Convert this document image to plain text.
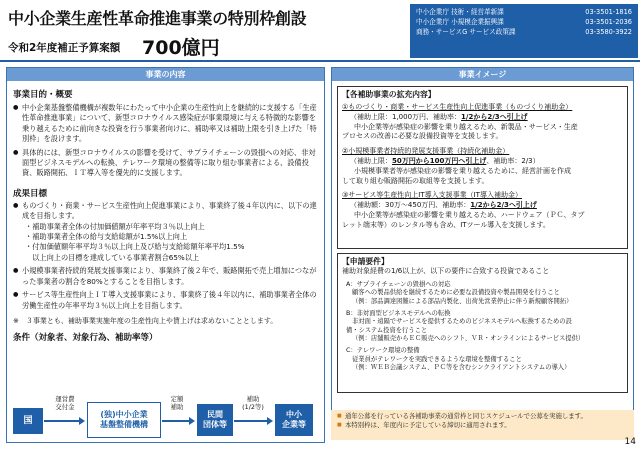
中小企業生産性革命推進事業の特別枠創設
令和2年度補正予算案額 700億円
中小企業庁 技術・経営革新課	03-3501-1816
中小企業庁 小規模企業振興課	03-3501-2036
商務・サービスG サービス政策課	03-3580-3922
事業の内容
事業目的・概要
● 中小企業基盤整備機構が複数年にわたって中小企業の生産性向上を継続的に支援する「生産性革命推進事業」について、新型コロナウイルス感染症が事業環境に与える特徴的な影響を乗り越えるために前向きな投資を行う事業者向けに、補助率又は補助上限を引き上げた「特別枠」を設けます。
● 具体的には、新型コロナウイルスの影響を受けて、サプライチェーンの毀損への対応、非対面型ビジネスモデルへの転換、テレワーク環境の整備等に取り組む事業者による、設備投資、販路開拓、ＩＴ導入等を優先的に支援します。
成果目標
● ものづくり・商業・サービス生産性向上促進事業により、事業終了後４年以内に、以下の達成を目指します。
・補助事業者全体の付加価値額が年率平均３％以上向上
・補助事業者全体の給与支給総額が1.5%以上向上
・付加価値額年率平均３％以上向上及び給与支給総額年率平均1.5%
　以上向上の目標を達成している事業者割合65%以上
● 小規模事業者持続的発展支援事業により、事業終了後２年で、販路開拓で売上増加につながった事業者の割合を80%とすることを目指します。
● サービス等生産性向上ＩＴ導入支援事業により、事業終了後４年以内に、補助事業者全体の労働生産性の年率平均３％以上向上を目指します。
※　３事業とも、補助事業実施年度の生産性向上や賃上げは求めないこととします。
条件（対象者、対象行為、補助率等）
国
運営費
交付金
(独)中小企業
基盤整備機構
定額
補助
民間
団体等
補助
(1/2等)
中小
企業等
事業イメージ
【各補助事業の拡充内容】
①ものづくり・商業・サービス生産性向上促進事業（ものづくり補助金）
（補助上限：1,000万円、補助率：1/2から2/3へ引上げ
中小企業等が感染症の影響を乗り越えるため、新製品・サービス・生産
プロセスの改善に必要な設備投資等を支援します。
②小規模事業者持続的発展支援事業（持続化補助金）
（補助上限：50万円から100万円へ引上げ、補助率：2/3）
小規模事業者等が感染症の影響を乗り越えるために、経営計画を作成
して取り組む販路開拓の取組等を支援します。
③サービス等生産性向上IT導入支援事業（IT導入補助金）
（補助額：30万～450万円、補助率：1/2から2/3へ引上げ
中小企業等が感染症の影響を乗り越えるため、ハードウェア（ＰＣ、タブ
レット端末等）のレンタル等も含め、ITツール導入を支援します。
【申請要件】
補助対象経費の1/6以上が、以下の要件に合致する投資であること
A：サプライチェーンの毀損への対応
顧客への製品供給を継続するために必要な設備投資や製品開発を行うこと
（例：部品調達困難による部品内製化、出荷先営業停止に伴う新規顧客開拓）
B：非対面型ビジネスモデルへの転換
非対面・遠隔でサービスを提供するためのビジネスモデルへ転換するための設
備・システム投資を行うこと
（例：店舗販売からＥＣ販売へのシフト、ＶＲ・オンラインによるサービス提供）
C：テレワーク環境の整備
従業員がテレワークを実践できるような環境を整備すること
（例：ＷＥＢ会議システム、ＰＣ等を含むシンクライアントシステムの導入）
■ 通年公募を行っている各補助事業の通常枠と同じスケジュールで公募を実施します。
■ 本特別枠は、年度内に予定している締切に適用されます。
14
